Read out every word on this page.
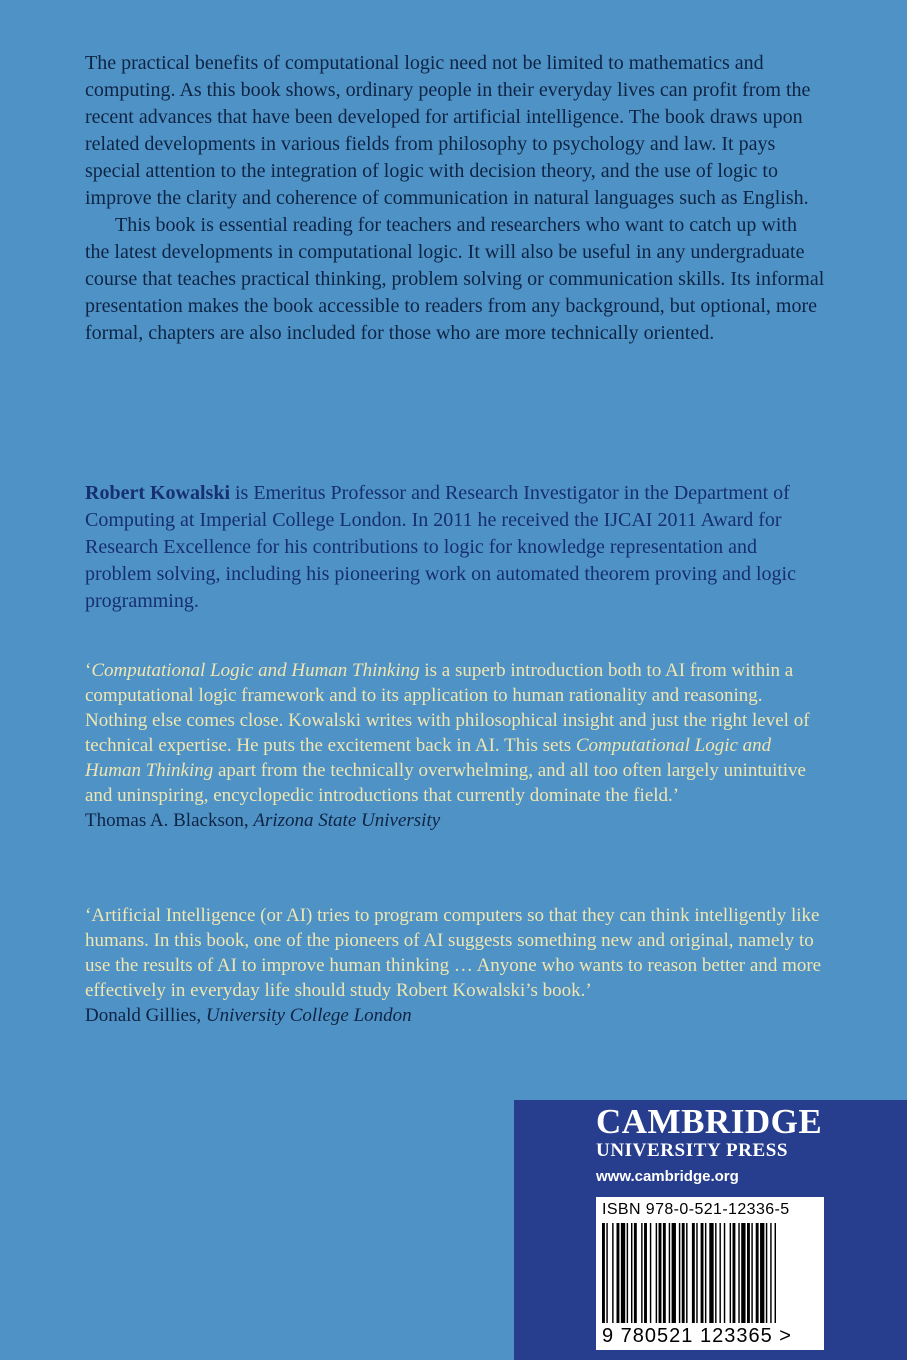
The practical benefits of computational logic need not be limited to mathematics and computing. As this book shows, ordinary people in their everyday lives can profit from the recent advances that have been developed for artificial intelligence. The book draws upon related developments in various fields from philosophy to psychology and law. It pays special attention to the integration of logic with decision theory, and the use of logic to improve the clarity and coherence of communication in natural languages such as English.

This book is essential reading for teachers and researchers who want to catch up with the latest developments in computational logic. It will also be useful in any undergraduate course that teaches practical thinking, problem solving or communication skills. Its informal presentation makes the book accessible to readers from any background, but optional, more formal, chapters are also included for those who are more technically oriented.

Robert Kowalski is Emeritus Professor and Research Investigator in the Department of Computing at Imperial College London. In 2011 he received the IJCAI 2011 Award for Research Excellence for his contributions to logic for knowledge representation and problem solving, including his pioneering work on automated theorem proving and logic programming.

‘Computational Logic and Human Thinking is a superb introduction both to AI from within a computational logic framework and to its application to human rationality and reasoning. Nothing else comes close. Kowalski writes with philosophical insight and just the right level of technical expertise. He puts the excitement back in AI. This sets Computational Logic and Human Thinking apart from the technically overwhelming, and all too often largely unintuitive and uninspiring, encyclopedic introductions that currently dominate the field.’
Thomas A. Blackson, Arizona State University

‘Artificial Intelligence (or AI) tries to program computers so that they can think intelligently like humans. In this book, one of the pioneers of AI suggests something new and original, namely to use the results of AI to improve human thinking … Anyone who wants to reason better and more effectively in everyday life should study Robert Kowalski’s book.’
Donald Gillies, University College London

CAMBRIDGE
UNIVERSITY PRESS
www.cambridge.org
ISBN 978-0-521-12336-5
9 780521 123365 >
